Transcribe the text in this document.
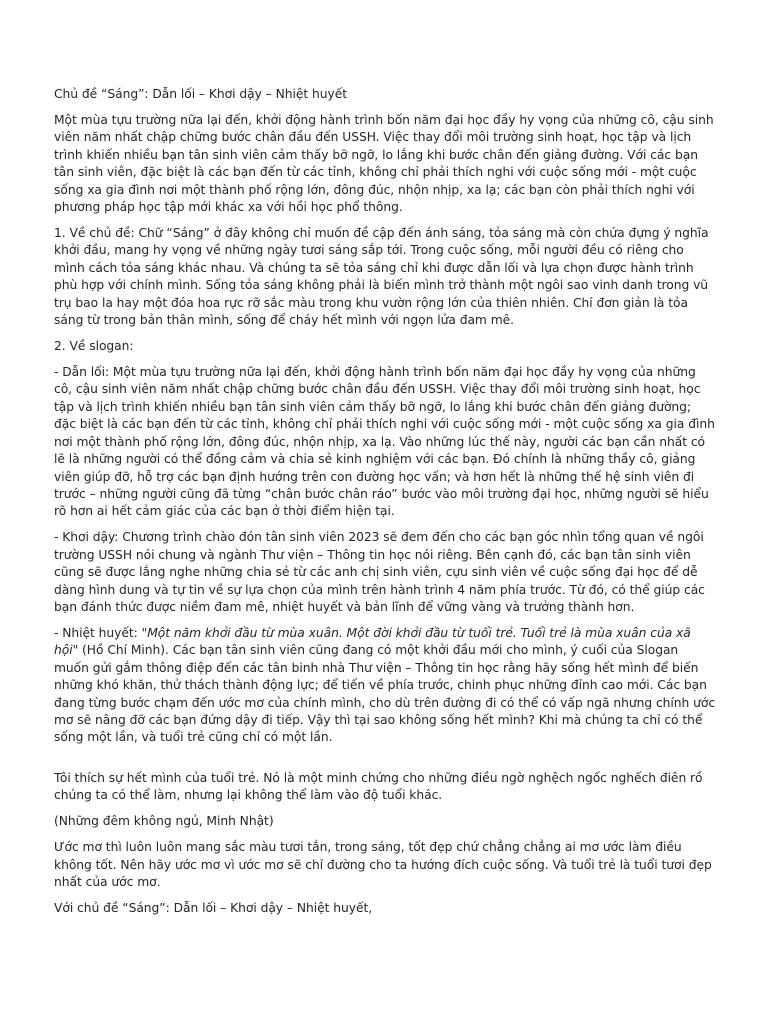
Chủ đề “Sáng”: Dẫn lối – Khơi dậy – Nhiệt huyết

Một mùa tựu trường nữa lại đến, khởi động hành trình bốn năm đại học đầy hy vọng của những cô, cậu sinh viên năm nhất chập chững bước chân đầu đến USSH. Việc thay đổi môi trường sinh hoạt, học tập và lịch trình khiến nhiều bạn tân sinh viên cảm thấy bỡ ngỡ, lo lắng khi bước chân đến giảng đường. Với các bạn tân sinh viên, đặc biệt là các bạn đến từ các tỉnh, không chỉ phải thích nghi với cuộc sống mới - một cuộc sống xa gia đình nơi một thành phố rộng lớn, đông đúc, nhộn nhịp, xa lạ; các bạn còn phải thích nghi với phương pháp học tập mới khác xa với hồi học phổ thông.

1. Về chủ đề: Chữ “Sáng” ở đây không chỉ muốn đề cập đến ánh sáng, tỏa sáng mà còn chứa đựng ý nghĩa khởi đầu, mang hy vọng về những ngày tươi sáng sắp tới. Trong cuộc sống, mỗi người đều có riêng cho mình cách tỏa sáng khác nhau. Và chúng ta sẽ tỏa sáng chỉ khi được dẫn lối và lựa chọn được hành trình phù hợp với chính mình. Sống tỏa sáng không phải là biến mình trở thành một ngôi sao vinh danh trong vũ trụ bao la hay một đóa hoa rực rỡ sắc màu trong khu vườn rộng lớn của thiên nhiên. Chỉ đơn giản là tỏa sáng từ trong bản thân mình, sống để cháy hết mình với ngọn lửa đam mê.

2. Về slogan:

- Dẫn lối: Một mùa tựu trường nữa lại đến, khởi động hành trình bốn năm đại học đầy hy vọng của những cô, cậu sinh viên năm nhất chập chững bước chân đầu đến USSH. Việc thay đổi môi trường sinh hoạt, học tập và lịch trình khiến nhiều bạn tân sinh viên cảm thấy bỡ ngỡ, lo lắng khi bước chân đến giảng đường; đặc biệt là các bạn đến từ các tỉnh, không chỉ phải thích nghi với cuộc sống mới - một cuộc sống xa gia đình nơi một thành phố rộng lớn, đông đúc, nhộn nhịp, xa lạ. Vào những lúc thế này, người các bạn cần nhất có lẽ là những người có thể đồng cảm và chia sẻ kinh nghiệm với các bạn. Đó chính là những thầy cô, giảng viên giúp đỡ, hỗ trợ các bạn định hướng trên con đường học vấn; và hơn hết là những thế hệ sinh viên đi trước – những người cũng đã từng “chân bước chân ráo” bước vào môi trường đại học, những người sẽ hiểu rõ hơn ai hết cảm giác của các bạn ở thời điểm hiện tại.

- Khơi dậy: Chương trình chào đón tân sinh viên 2023 sẽ đem đến cho các bạn góc nhìn tổng quan về ngôi trường USSH nói chung và ngành Thư viện – Thông tin học nói riêng. Bên cạnh đó, các bạn tân sinh viên cũng sẽ được lắng nghe những chia sẻ từ các anh chị sinh viên, cựu sinh viên về cuộc sống đại học để dễ dàng hình dung và tự tin về sự lựa chọn của mình trên hành trình 4 năm phía trước. Từ đó, có thể giúp các bạn đánh thức được niềm đam mê, nhiệt huyết và bản lĩnh để vững vàng và trưởng thành hơn.

- Nhiệt huyết: "Một năm khởi đầu từ mùa xuân. Một đời khởi đầu từ tuổi trẻ. Tuổi trẻ là mùa xuân của xã hội" (Hồ Chí Minh). Các bạn tân sinh viên cũng đang có một khởi đầu mới cho mình, ý cuối của Slogan muốn gửi gắm thông điệp đến các tân binh nhà Thư viện – Thông tin học rằng hãy sống hết mình để biến những khó khăn, thử thách thành động lực; để tiến về phía trước, chinh phục những đỉnh cao mới. Các bạn đang từng bước chạm đến ước mơ của chính mình, cho dù trên đường đi có thể có vấp ngã nhưng chính ước mơ sẽ nâng đỡ các bạn đứng dậy đi tiếp. Vậy thì tại sao không sống hết mình? Khi mà chúng ta chỉ có thể sống một lần, và tuổi trẻ cũng chỉ có một lần.

Tôi thích sự hết mình của tuổi trẻ. Nó là một minh chứng cho những điều ngờ nghệch ngốc nghếch điên rồ chúng ta có thể làm, nhưng lại không thể làm vào độ tuổi khác.

(Những đêm không ngủ, Minh Nhật)

Ước mơ thì luôn luôn mang sắc màu tươi tắn, trong sáng, tốt đẹp chứ chẳng chẳng ai mơ ước làm điều không tốt. Nên hãy ước mơ vì ước mơ sẽ chỉ đường cho ta hướng đích cuộc sống. Và tuổi trẻ là tuổi tươi đẹp nhất của ước mơ.

Với chủ đề “Sáng”: Dẫn lối – Khơi dậy – Nhiệt huyết,
